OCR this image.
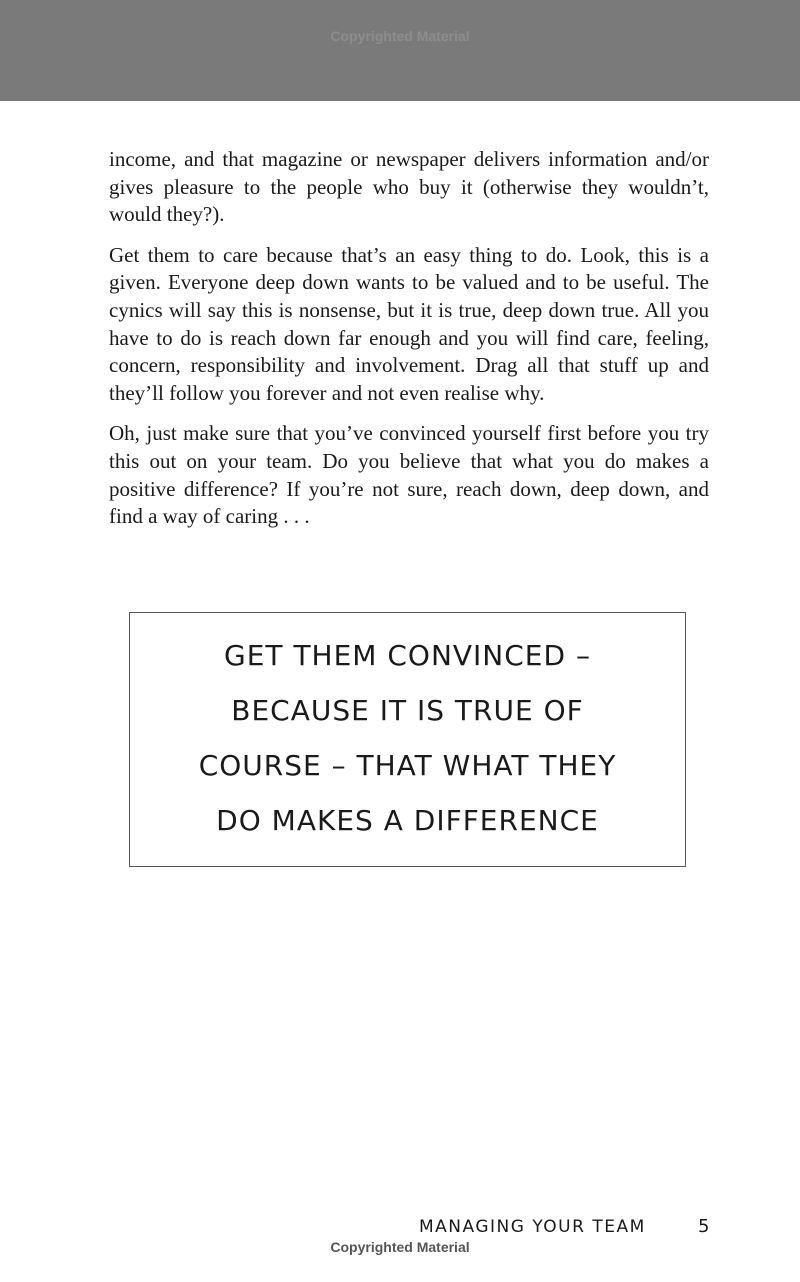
Copyrighted Material

income, and that magazine or newspaper delivers information and/or gives pleasure to the people who buy it (otherwise they wouldn’t, would they?).

Get them to care because that’s an easy thing to do. Look, this is a given. Everyone deep down wants to be valued and to be useful. The cynics will say this is nonsense, but it is true, deep down true. All you have to do is reach down far enough and you will find care, feeling, concern, responsibility and involvement. Drag all that stuff up and they’ll follow you forever and not even realise why.

Oh, just make sure that you’ve convinced yourself first before you try this out on your team. Do you believe that what you do makes a positive difference? If you’re not sure, reach down, deep down, and find a way of caring . . .

GET THEM CONVINCED – BECAUSE IT IS TRUE OF COURSE – THAT WHAT THEY DO MAKES A DIFFERENCE
MANAGING YOUR TEAM	5
Copyrighted Material
